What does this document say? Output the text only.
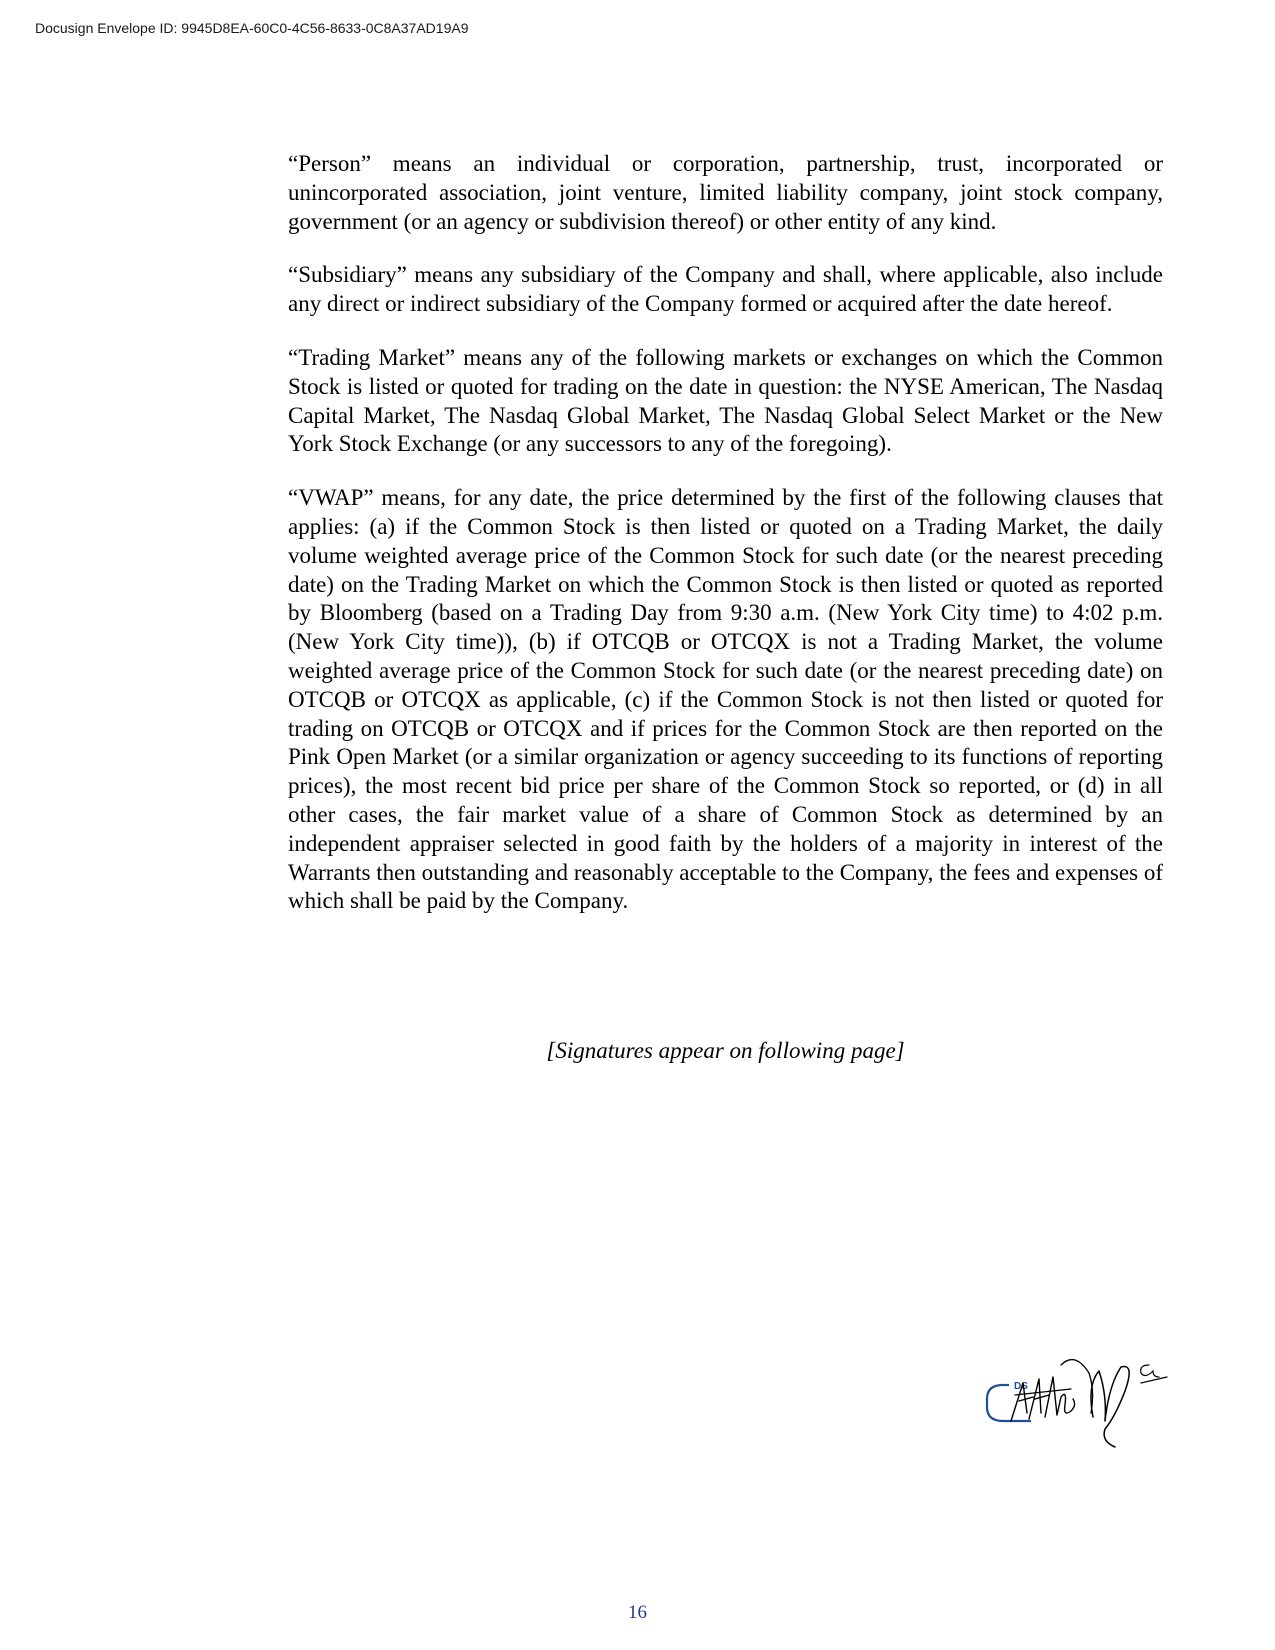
Docusign Envelope ID: 9945D8EA-60C0-4C56-8633-0C8A37AD19A9

“Person” means an individual or corporation, partnership, trust, incorporated or unincorporated association, joint venture, limited liability company, joint stock company, government (or an agency or subdivision thereof) or other entity of any kind.

“Subsidiary” means any subsidiary of the Company and shall, where applicable, also include any direct or indirect subsidiary of the Company formed or acquired after the date hereof.

“Trading Market” means any of the following markets or exchanges on which the Common Stock is listed or quoted for trading on the date in question: the NYSE American, The Nasdaq Capital Market, The Nasdaq Global Market, The Nasdaq Global Select Market or the New York Stock Exchange (or any successors to any of the foregoing).

“VWAP” means, for any date, the price determined by the first of the following clauses that applies: (a) if the Common Stock is then listed or quoted on a Trading Market, the daily volume weighted average price of the Common Stock for such date (or the nearest preceding date) on the Trading Market on which the Common Stock is then listed or quoted as reported by Bloomberg (based on a Trading Day from 9:30 a.m. (New York City time) to 4:02 p.m. (New York City time)), (b) if OTCQB or OTCQX is not a Trading Market, the volume weighted average price of the Common Stock for such date (or the nearest preceding date) on OTCQB or OTCQX as applicable, (c) if the Common Stock is not then listed or quoted for trading on OTCQB or OTCQX and if prices for the Common Stock are then reported on the Pink Open Market (or a similar organization or agency succeeding to its functions of reporting prices), the most recent bid price per share of the Common Stock so reported, or (d) in all other cases, the fair market value of a share of Common Stock as determined by an independent appraiser selected in good faith by the holders of a majority in interest of the Warrants then outstanding and reasonably acceptable to the Company, the fees and expenses of which shall be paid by the Company.

[Signatures appear on following page]
DS
16
